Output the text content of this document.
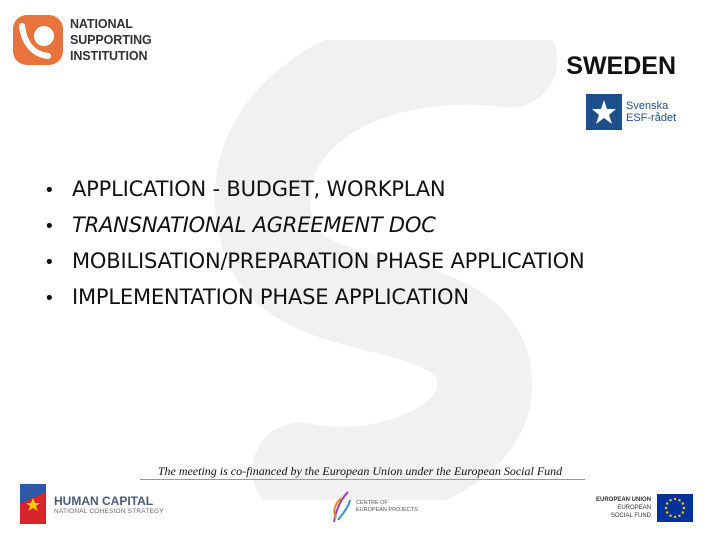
NATIONAL
SUPPORTING
INSTITUTION	SWEDEN
Svenska
ESF-rådet
• APPLICATION - BUDGET, WORKPLAN
• TRANSNATIONAL AGREEMENT DOC
• MOBILISATION/PREPARATION PHASE APPLICATION
• IMPLEMENTATION PHASE APPLICATION
The meeting is co-financed by the European Union under the European Social Fund
HUMAN CAPITAL
NATIONAL COHESION STRATEGY
CENTRE OF
EUROPEAN PROJECTS
EUROPEAN UNION
EUROPEAN
SOCIAL FUND
